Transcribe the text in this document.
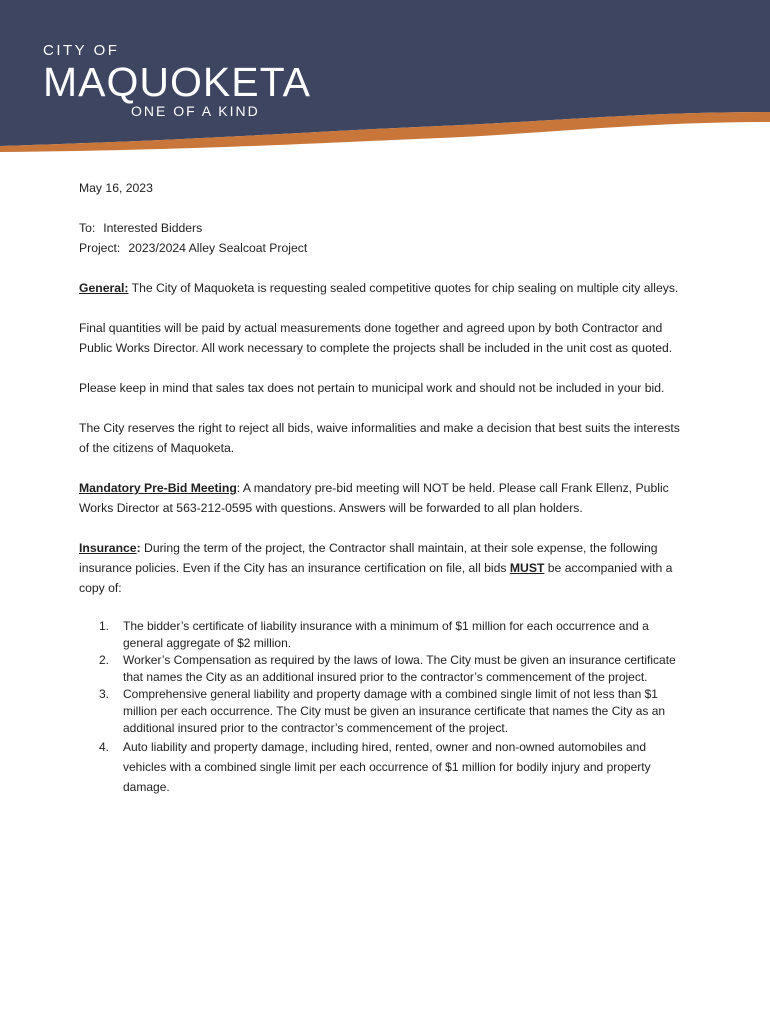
CITY OF
MAQUOKETA
ONE OF A KIND

May 16, 2023

To: Interested Bidders

Project: 2023/2024 Alley Sealcoat Project

General: The City of Maquoketa is requesting sealed competitive quotes for chip sealing on multiple city alleys.

Final quantities will be paid by actual measurements done together and agreed upon by both Contractor and Public Works Director. All work necessary to complete the projects shall be included in the unit cost as quoted.

Please keep in mind that sales tax does not pertain to municipal work and should not be included in your bid.

The City reserves the right to reject all bids, waive informalities and make a decision that best suits the interests of the citizens of Maquoketa.

Mandatory Pre-Bid Meeting: A mandatory pre-bid meeting will NOT be held. Please call Frank Ellenz, Public Works Director at 563-212-0595 with questions. Answers will be forwarded to all plan holders.

Insurance: During the term of the project, the Contractor shall maintain, at their sole expense, the following insurance policies. Even if the City has an insurance certification on file, all bids MUST be accompanied with a copy of:

1. The bidder’s certificate of liability insurance with a minimum of $1 million for each occurrence and a general aggregate of $2 million.
2. Worker’s Compensation as required by the laws of Iowa. The City must be given an insurance certificate that names the City as an additional insured prior to the contractor’s commencement of the project.
3. Comprehensive general liability and property damage with a combined single limit of not less than $1 million per each occurrence. The City must be given an insurance certificate that names the City as an additional insured prior to the contractor’s commencement of the project.
4. Auto liability and property damage, including hired, rented, owner and non-owned automobiles and vehicles with a combined single limit per each occurrence of $1 million for bodily injury and property damage.
